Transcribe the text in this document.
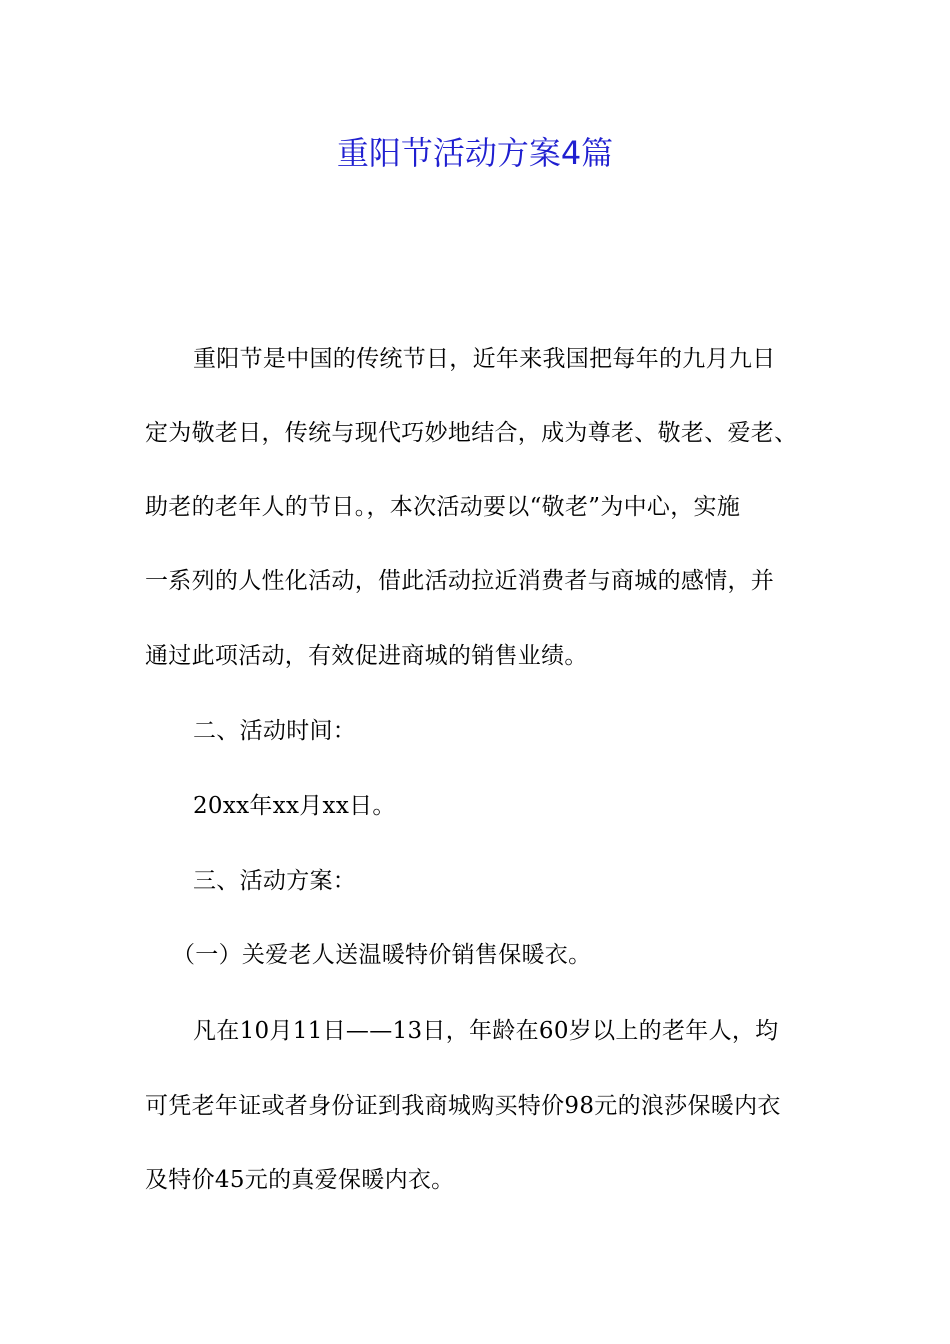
重阳节活动方案4篇
重阳节是中国的传统节日，近年来我国把每年的九月九日
定为敬老日，传统与现代巧妙地结合，成为尊老、敬老、爱老、
助老的老年人的节日。，本次活动要以“敬老”为中心，实施
一系列的人性化活动，借此活动拉近消费者与商城的感情，并
通过此项活动，有效促进商城的销售业绩。
二、活动时间：
20xx年xx月xx日。
三、活动方案：
（一）关爱老人送温暖特价销售保暖衣。
凡在10月11日——13日，年龄在60岁以上的老年人，均
可凭老年证或者身份证到我商城购买特价98元的浪莎保暖内衣
及特价45元的真爱保暖内衣。
